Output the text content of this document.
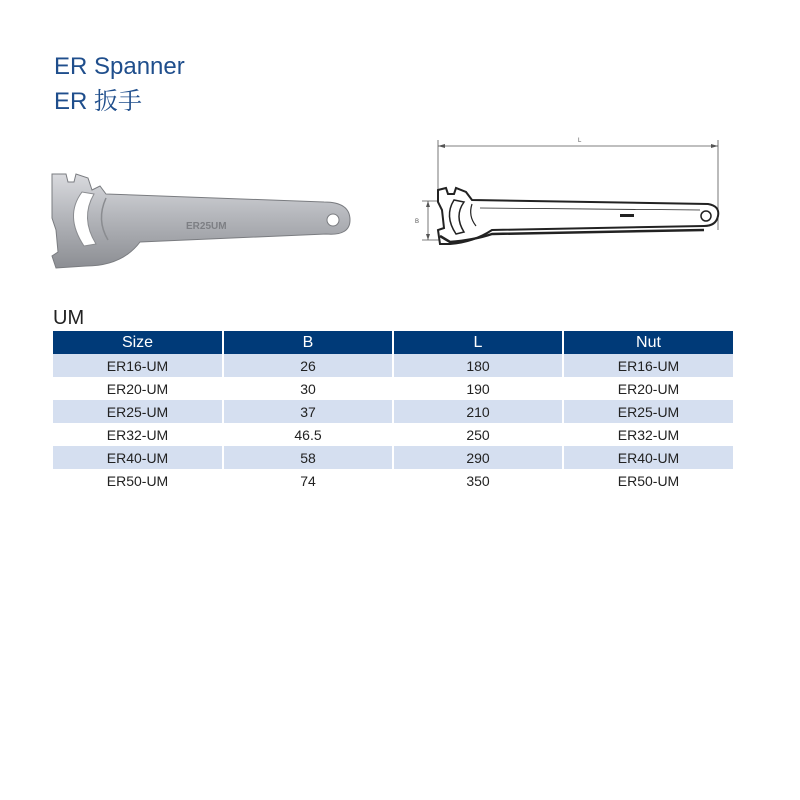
ER Spanner
ER 扳手
ER25UM
L
B
UM
Size	B	L	Nut
ER16-UM	26	180	ER16-UM
ER20-UM	30	190	ER20-UM
ER25-UM	37	210	ER25-UM
ER32-UM	46.5	250	ER32-UM
ER40-UM	58	290	ER40-UM
ER50-UM	74	350	ER50-UM
